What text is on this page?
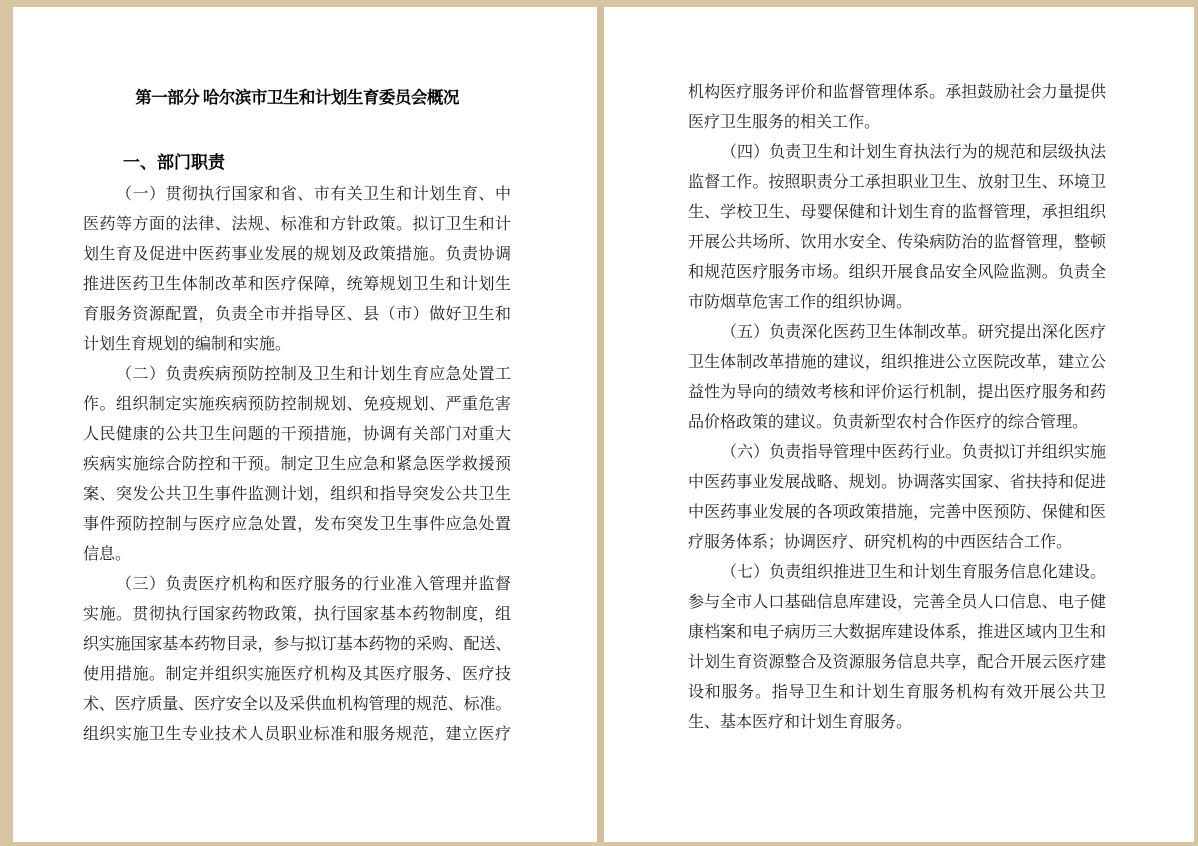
第一部分 哈尔滨市卫生和计划生育委员会概况
一、部门职责
（一）贯彻执行国家和省、市有关卫生和计划生育、中
医药等方面的法律、法规、标准和方针政策。拟订卫生和计
划生育及促进中医药事业发展的规划及政策措施。负责协调
推进医药卫生体制改革和医疗保障，统筹规划卫生和计划生
育服务资源配置，负责全市并指导区、县（市）做好卫生和
计划生育规划的编制和实施。
（二）负责疾病预防控制及卫生和计划生育应急处置工
作。组织制定实施疾病预防控制规划、免疫规划、严重危害
人民健康的公共卫生问题的干预措施，协调有关部门对重大
疾病实施综合防控和干预。制定卫生应急和紧急医学救援预
案、突发公共卫生事件监测计划，组织和指导突发公共卫生
事件预防控制与医疗应急处置，发布突发卫生事件应急处置
信息。
（三）负责医疗机构和医疗服务的行业准入管理并监督
实施。贯彻执行国家药物政策，执行国家基本药物制度，组
织实施国家基本药物目录，参与拟订基本药物的采购、配送、
使用措施。制定并组织实施医疗机构及其医疗服务、医疗技
术、医疗质量、医疗安全以及采供血机构管理的规范、标准。
组织实施卫生专业技术人员职业标准和服务规范，建立医疗
机构医疗服务评价和监督管理体系。承担鼓励社会力量提供
医疗卫生服务的相关工作。
（四）负责卫生和计划生育执法行为的规范和层级执法
监督工作。按照职责分工承担职业卫生、放射卫生、环境卫
生、学校卫生、母婴保健和计划生育的监督管理，承担组织
开展公共场所、饮用水安全、传染病防治的监督管理，整顿
和规范医疗服务市场。组织开展食品安全风险监测。负责全
市防烟草危害工作的组织协调。
（五）负责深化医药卫生体制改革。研究提出深化医疗
卫生体制改革措施的建议，组织推进公立医院改革，建立公
益性为导向的绩效考核和评价运行机制，提出医疗服务和药
品价格政策的建议。负责新型农村合作医疗的综合管理。
（六）负责指导管理中医药行业。负责拟订并组织实施
中医药事业发展战略、规划。协调落实国家、省扶持和促进
中医药事业发展的各项政策措施，完善中医预防、保健和医
疗服务体系；协调医疗、研究机构的中西医结合工作。
（七）负责组织推进卫生和计划生育服务信息化建设。
参与全市人口基础信息库建设，完善全员人口信息、电子健
康档案和电子病历三大数据库建设体系，推进区域内卫生和
计划生育资源整合及资源服务信息共享，配合开展云医疗建
设和服务。指导卫生和计划生育服务机构有效开展公共卫
生、基本医疗和计划生育服务。
